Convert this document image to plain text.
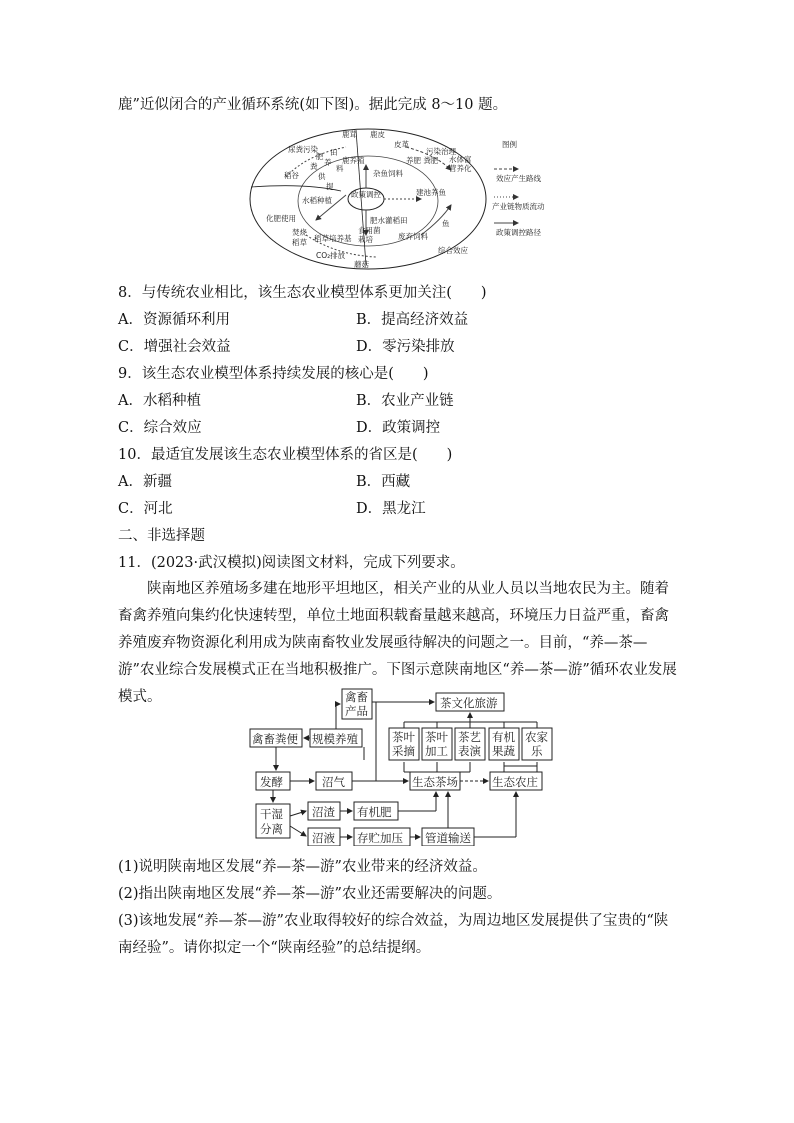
鹿”近似闭合的产业循环系统(如下图)。据此完成 8～10 题。
政策调控
鹿茸 鹿皮
皮革
尿粪污染	污染治理
鹿养殖	养肥 粪肥 水体富
营养化
稻谷	杂鱼饲料
田
肥
粪 养
料
供
提
建池养鱼
水稻种植
化肥使用	肥水灌稻田	鱼
焚烧
稻草 稻草培养基
食用菌
栽培	废弃饲料
CO₂排放
蘑菇
综合效应
图例
效应产生路线
产业链物质流动
政策调控路径
8．与传统农业相比，该生态农业模型体系更加关注(　　)
A．资源循环利用	B．提高经济效益
C．增强社会效益	D．零污染排放
9．该生态农业模型体系持续发展的核心是(　　)
A．水稻种植	B．农业产业链
C．综合效应	D．政策调控
10．最适宜发展该生态农业模型体系的省区是(　　)
A．新疆	B．西藏
C．河北	D．黑龙江
二、非选择题
11．(2023·武汉模拟)阅读图文材料，完成下列要求。

陕南地区养殖场多建在地形平坦地区，相关产业的从业人员以当地农民为主。随着畜禽养殖向集约化快速转型，单位土地面积载畜量越来越高，环境压力日益严重，畜禽养殖废弃物资源化利用成为陕南畜牧业发展亟待解决的问题之一。目前，“养—茶—游”农业综合发展模式正在当地积极推广。下图示意陕南地区“养—茶—游”循环农业发展模式。	禽畜
产品
茶文化旅游
禽畜粪便 规模养殖	茶叶
采摘
茶叶
加工
茶艺
表演
有机
果蔬
农家
乐
发酵	沼气	生态茶场	生态农庄
干湿
分离
沼渣 有机肥
沼液 存贮加压 管道输送
(1)说明陕南地区发展“养—茶—游”农业带来的经济效益。
(2)指出陕南地区发展“养—茶—游”农业还需要解决的问题。
(3)该地发展“养—茶—游”农业取得较好的综合效益，为周边地区发展提供了宝贵的“陕
南经验”。请你拟定一个“陕南经验”的总结提纲。
